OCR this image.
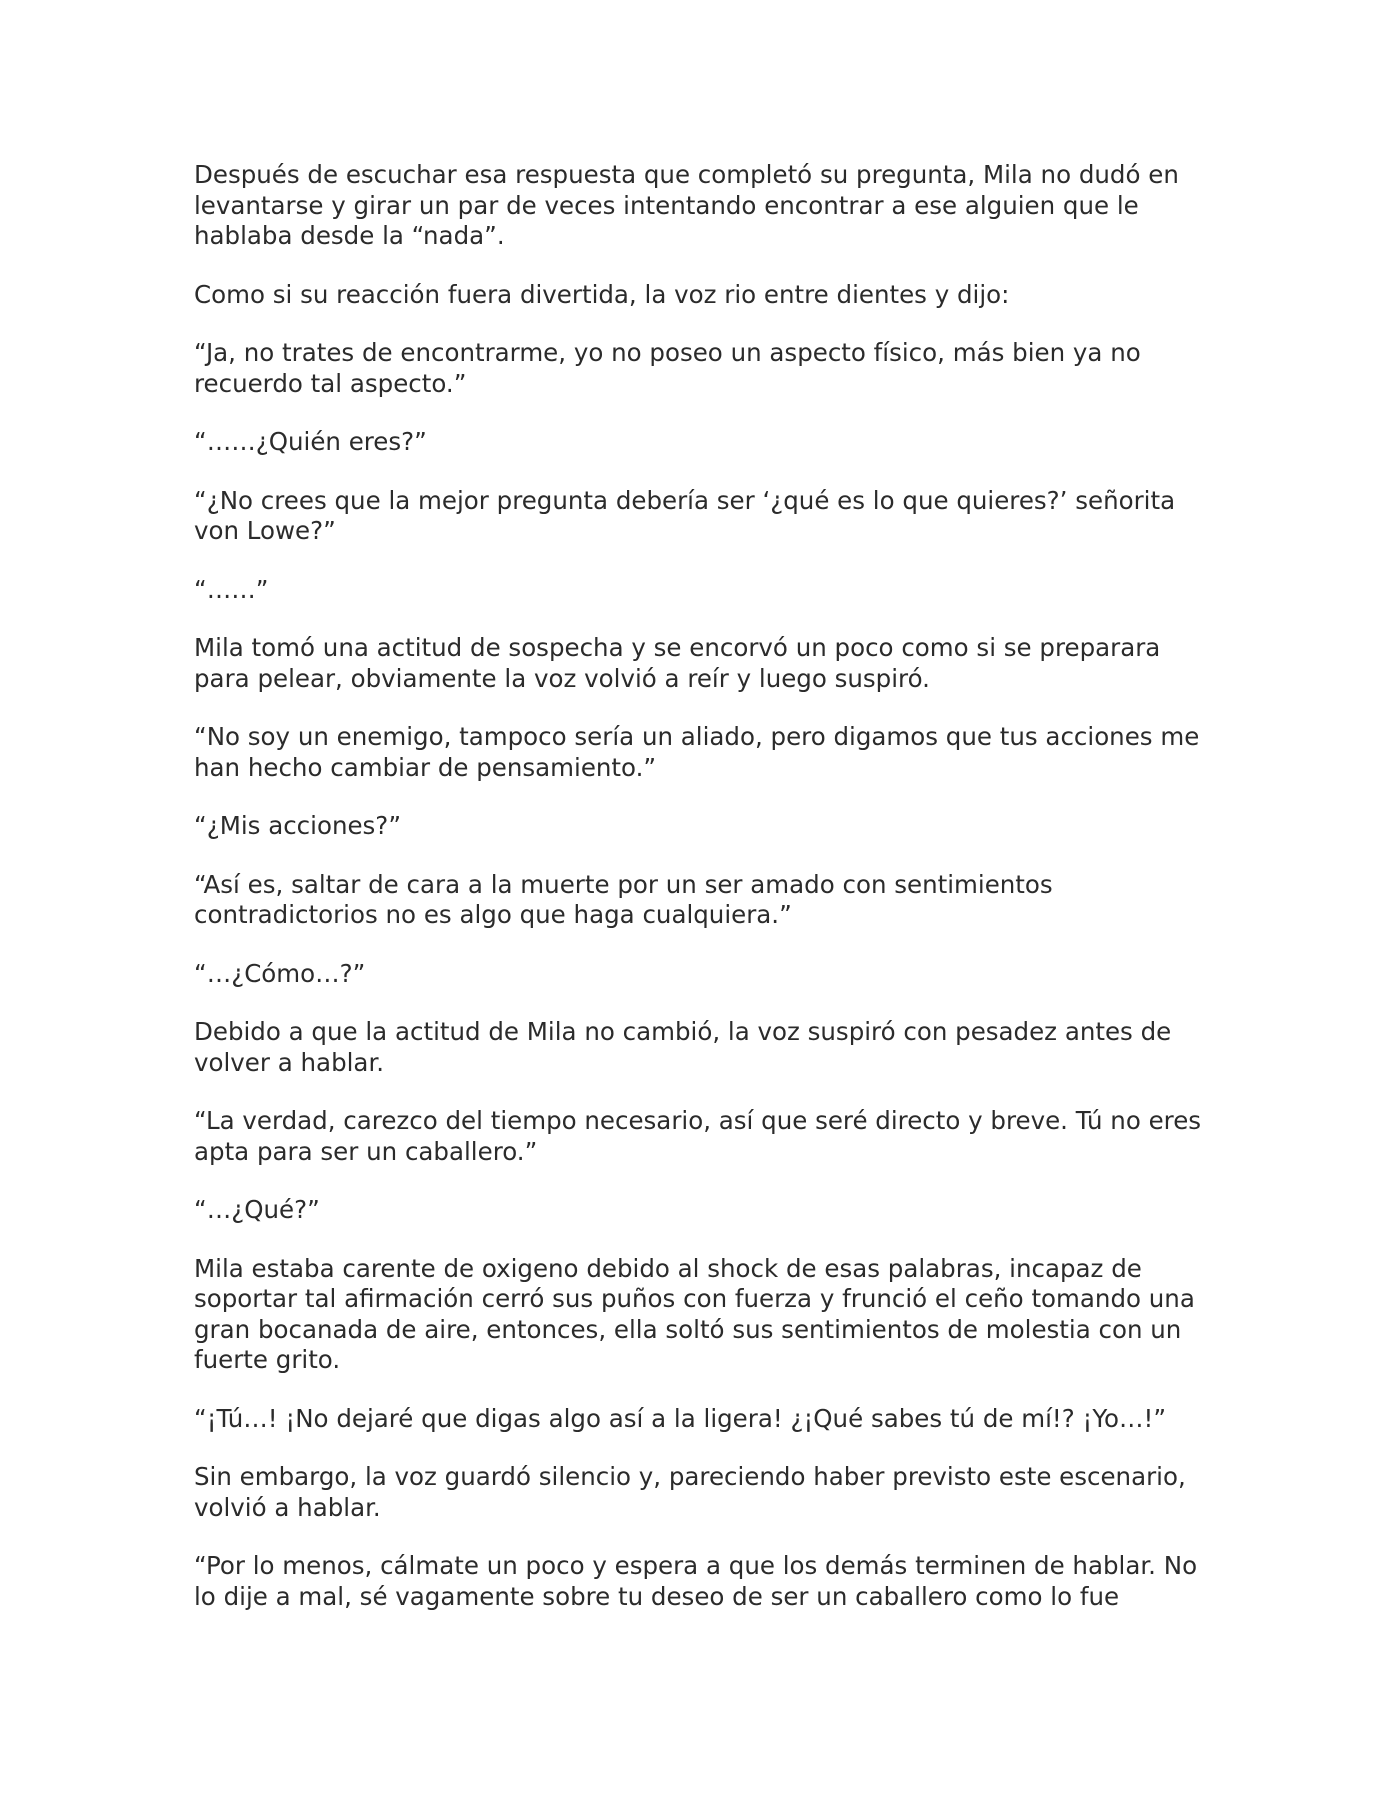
Después de escuchar esa respuesta que completó su pregunta, Mila no dudó en levantarse y girar un par de veces intentando encontrar a ese alguien que le hablaba desde la “nada”.

Como si su reacción fuera divertida, la voz rio entre dientes y dijo:

“Ja, no trates de encontrarme, yo no poseo un aspecto físico, más bien ya no recuerdo tal aspecto.”

“……¿Quién eres?”

“¿No crees que la mejor pregunta debería ser ‘¿qué es lo que quieres?’ señorita von Lowe?”

“……”

Mila tomó una actitud de sospecha y se encorvó un poco como si se preparara para pelear, obviamente la voz volvió a reír y luego suspiró.

“No soy un enemigo, tampoco sería un aliado, pero digamos que tus acciones me han hecho cambiar de pensamiento.”

“¿Mis acciones?”

“Así es, saltar de cara a la muerte por un ser amado con sentimientos contradictorios no es algo que haga cualquiera.”

“…¿Cómo…?”

Debido a que la actitud de Mila no cambió, la voz suspiró con pesadez antes de volver a hablar.

“La verdad, carezco del tiempo necesario, así que seré directo y breve. Tú no eres apta para ser un caballero.”

“…¿Qué?”

Mila estaba carente de oxigeno debido al shock de esas palabras, incapaz de soportar tal afirmación cerró sus puños con fuerza y frunció el ceño tomando una gran bocanada de aire, entonces, ella soltó sus sentimientos de molestia con un fuerte grito.

“¡Tú…! ¡No dejaré que digas algo así a la ligera! ¿¡Qué sabes tú de mí!? ¡Yo…!”

Sin embargo, la voz guardó silencio y, pareciendo haber previsto este escenario, volvió a hablar.

“Por lo menos, cálmate un poco y espera a que los demás terminen de hablar. No lo dije a mal, sé vagamente sobre tu deseo de ser un caballero como lo fue
